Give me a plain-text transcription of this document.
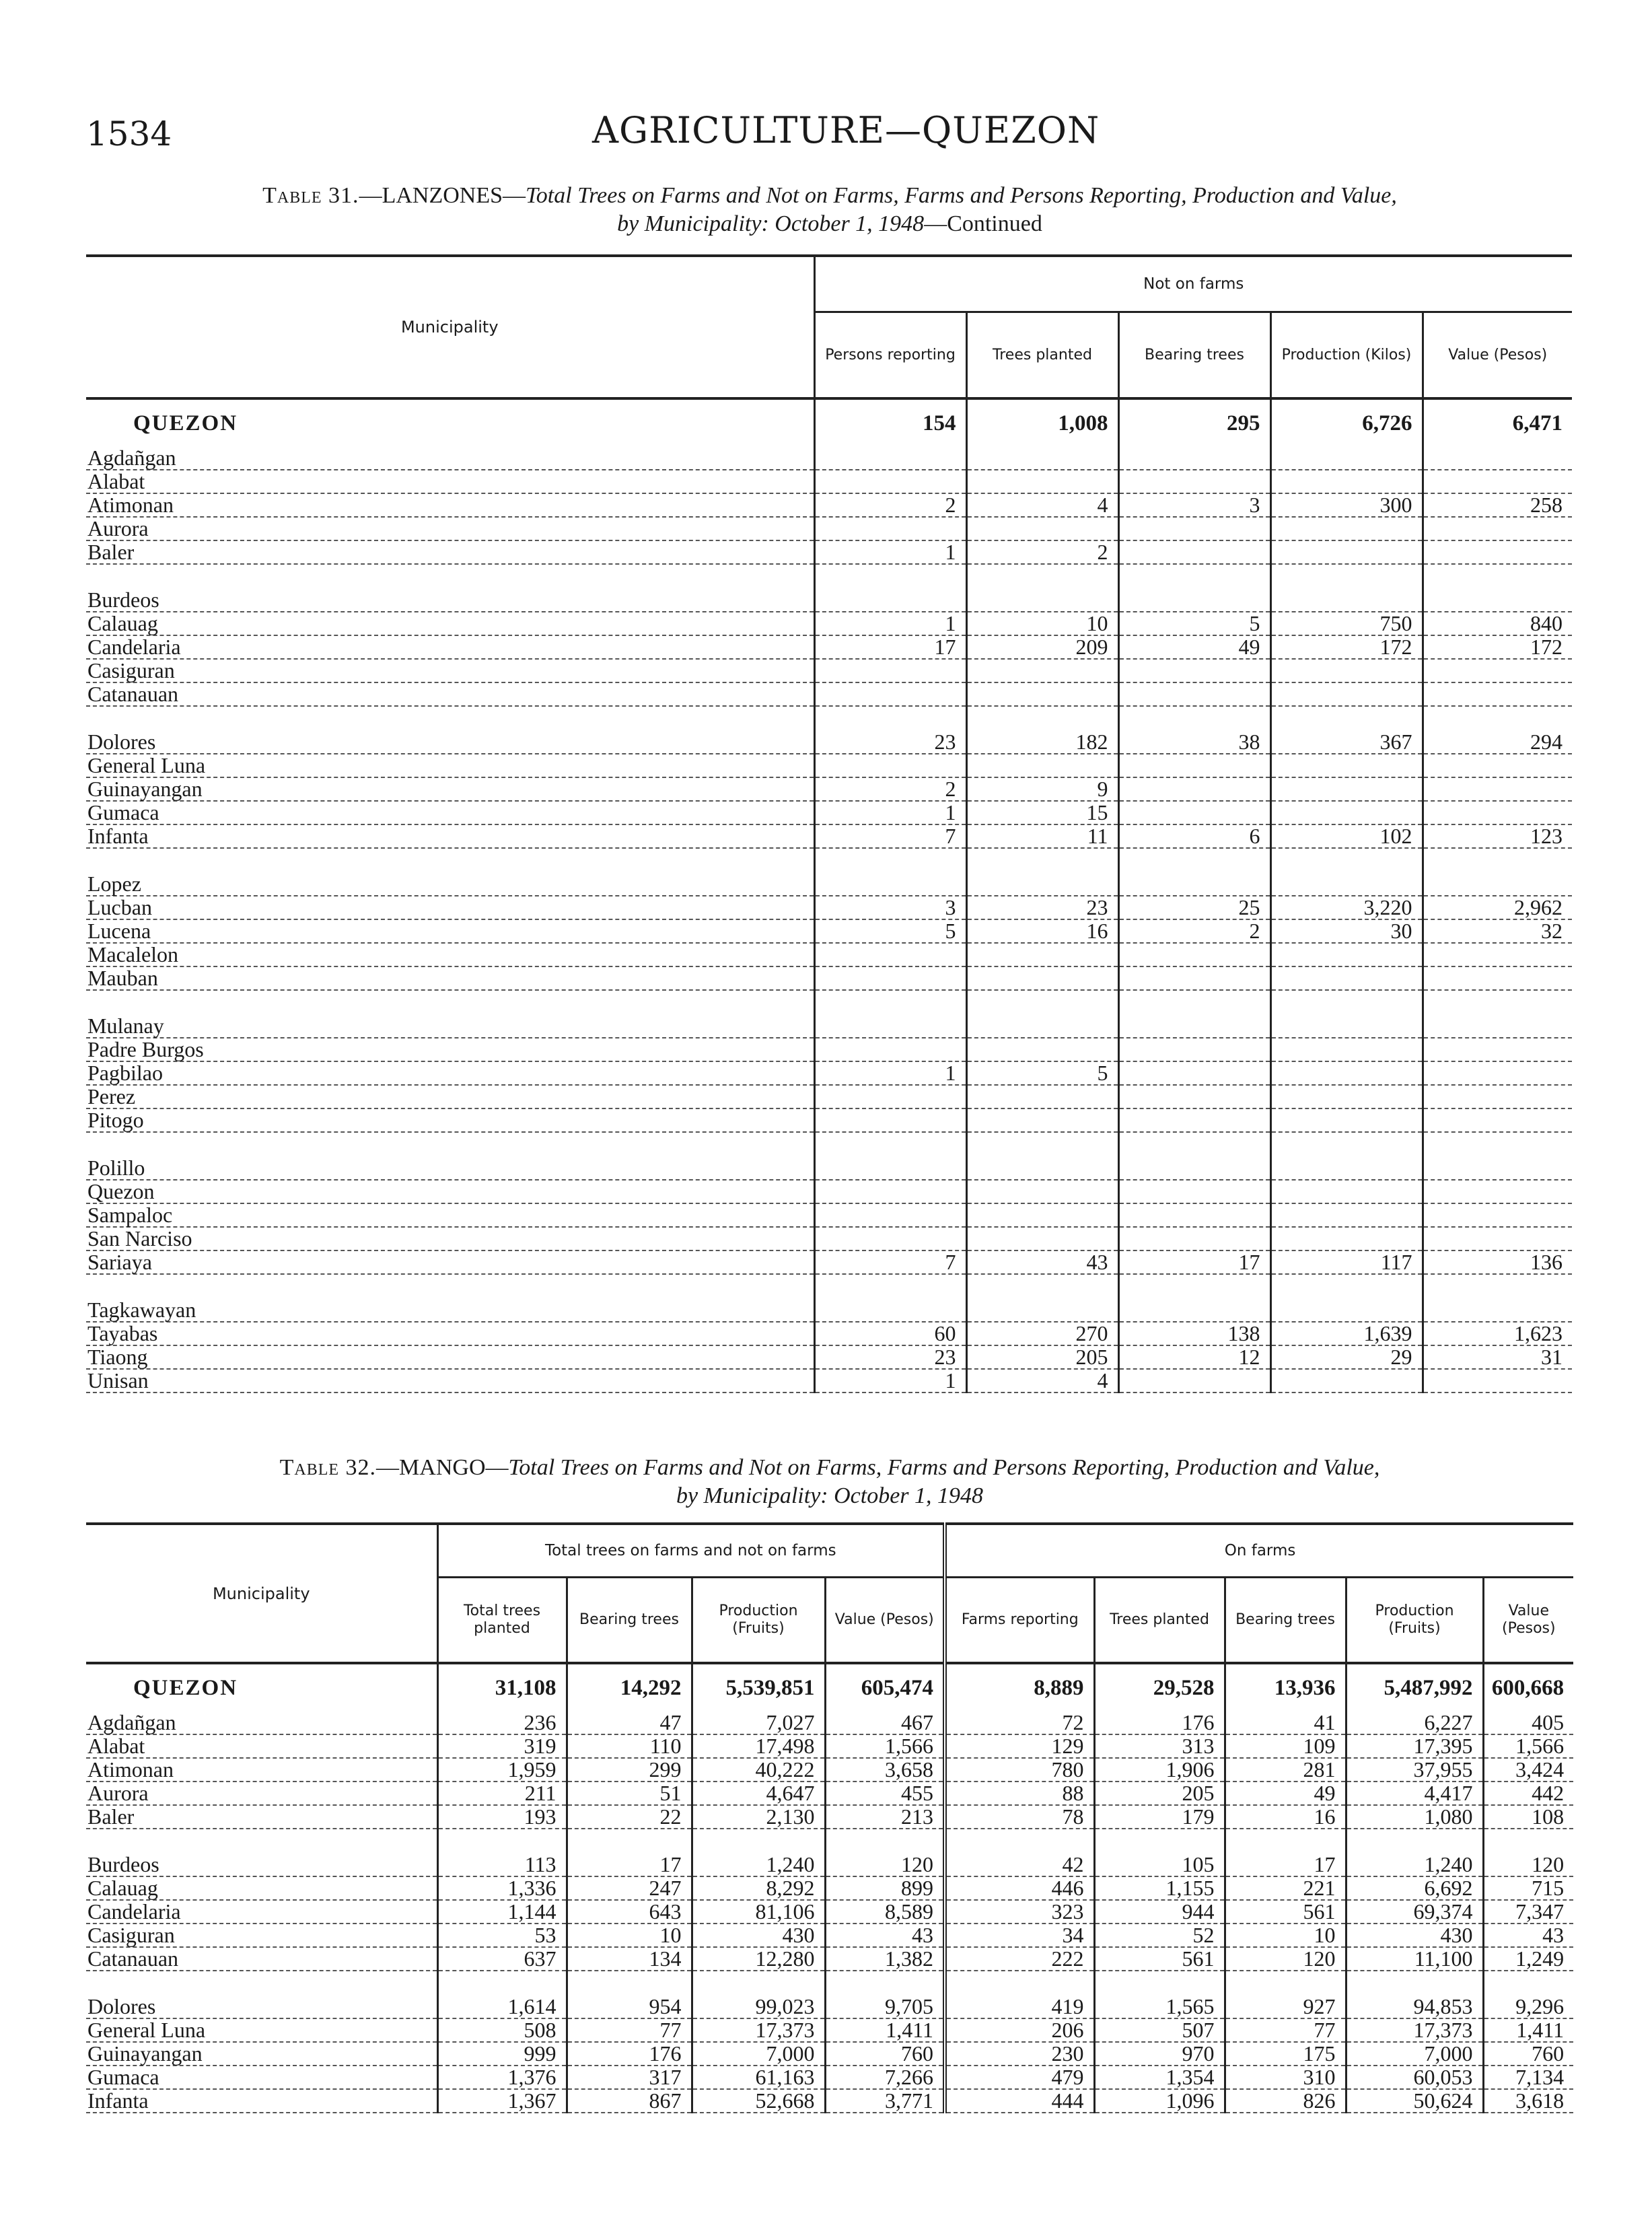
1534	AGRICULTURE—QUEZON
Table 31.—LANZONES—Total Trees on Farms and Not on Farms, Farms and Persons Reporting, Production and Value,
by Municipality: October 1, 1948—Continued
Municipality	Not on farms				
	Persons reporting	Trees planted	Bearing trees	Production (Kilos)	Value (Pesos)
QUEZON	154	1,008	295	6,726	6,471
Agdañgan					
Alabat					
Atimonan	2	4	3	300	258
Aurora					
Baler	1	2			

Burdeos					
Calauag	1	10	5	750	840
Candelaria	17	209	49	172	172
Casiguran					
Catanauan					

Dolores	23	182	38	367	294
General Luna					
Guinayangan	2	9			
Gumaca	1	15			
Infanta	7	11	6	102	123

Lopez					
Lucban	3	23	25	3,220	2,962
Lucena	5	16	2	30	32
Macalelon					
Mauban					

Mulanay					
Padre Burgos					
Pagbilao	1	5			
Perez					
Pitogo					

Polillo					
Quezon					
Sampaloc					
San Narciso					
Sariaya	7	43	17	117	136

Tagkawayan					
Tayabas	60	270	138	1,639	1,623
Tiaong	23	205	12	29	31
Unisan	1	4			
Table 32.—MANGO—Total Trees on Farms and Not on Farms, Farms and Persons Reporting, Production and Value,
by Municipality: October 1, 1948
Municipality	Total trees on farms and not on farms				On farms				
	Total trees planted	Bearing trees	Production (Fruits)	Value (Pesos)	Farms reporting	Trees planted	Bearing trees	Production (Fruits)	Value (Pesos)
QUEZON	31,108	14,292	5,539,851	605,474	8,889	29,528	13,936	5,487,992	600,668
Agdañgan	236	47	7,027	467	72	176	41	6,227	405
Alabat	319	110	17,498	1,566	129	313	109	17,395	1,566
Atimonan	1,959	299	40,222	3,658	780	1,906	281	37,955	3,424
Aurora	211	51	4,647	455	88	205	49	4,417	442
Baler	193	22	2,130	213	78	179	16	1,080	108

Burdeos	113	17	1,240	120	42	105	17	1,240	120
Calauag	1,336	247	8,292	899	446	1,155	221	6,692	715
Candelaria	1,144	643	81,106	8,589	323	944	561	69,374	7,347
Casiguran	53	10	430	43	34	52	10	430	43
Catanauan	637	134	12,280	1,382	222	561	120	11,100	1,249

Dolores	1,614	954	99,023	9,705	419	1,565	927	94,853	9,296
General Luna	508	77	17,373	1,411	206	507	77	17,373	1,411
Guinayangan	999	176	7,000	760	230	970	175	7,000	760
Gumaca	1,376	317	61,163	7,266	479	1,354	310	60,053	7,134
Infanta	1,367	867	52,668	3,771	444	1,096	826	50,624	3,618
